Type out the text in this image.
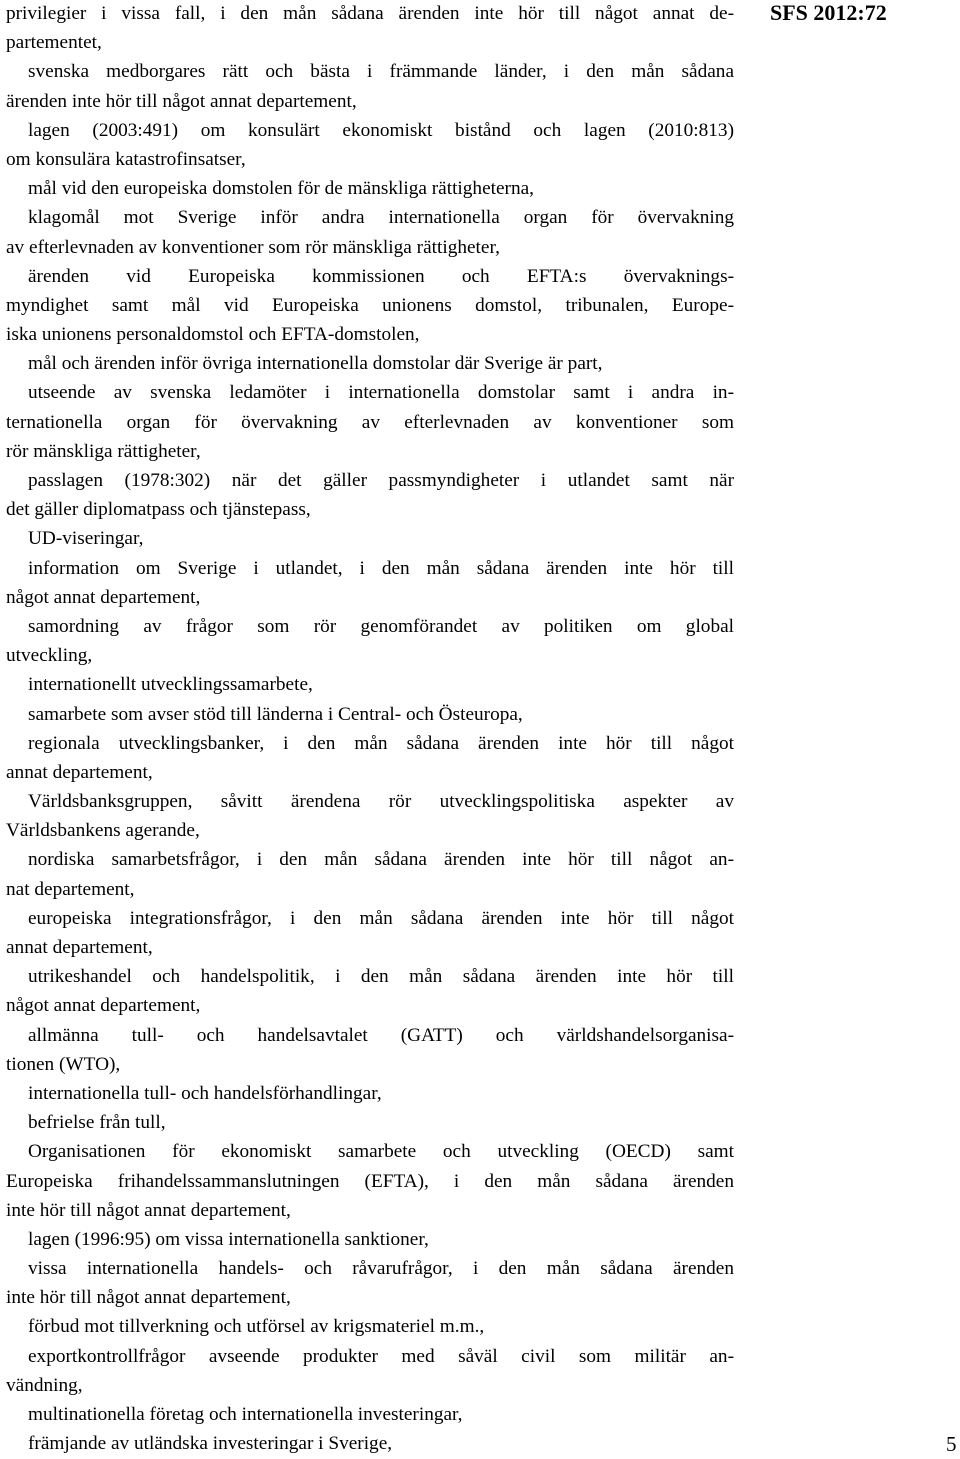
SFS 2012:72
privilegier i vissa fall, i den mån sådana ärenden inte hör till något annat de-
partementet,
svenska medborgares rätt och bästa i främmande länder, i den mån sådana
ärenden inte hör till något annat departement,
lagen (2003:491) om konsulärt ekonomiskt bistånd och lagen (2010:813)
om konsulära katastrofinsatser,
mål vid den europeiska domstolen för de mänskliga rättigheterna,
klagomål mot Sverige inför andra internationella organ för övervakning
av efterlevnaden av konventioner som rör mänskliga rättigheter,
ärenden vid Europeiska kommissionen och EFTA:s övervaknings-
myndighet samt mål vid Europeiska unionens domstol, tribunalen, Europe-
iska unionens personaldomstol och EFTA-domstolen,
mål och ärenden inför övriga internationella domstolar där Sverige är part,
utseende av svenska ledamöter i internationella domstolar samt i andra in-
ternationella organ för övervakning av efterlevnaden av konventioner som
rör mänskliga rättigheter,
passlagen (1978:302) när det gäller passmyndigheter i utlandet samt när
det gäller diplomatpass och tjänstepass,
UD-viseringar,
information om Sverige i utlandet, i den mån sådana ärenden inte hör till
något annat departement,
samordning av frågor som rör genomförandet av politiken om global
utveckling,
internationellt utvecklingssamarbete,
samarbete som avser stöd till länderna i Central- och Östeuropa,
regionala utvecklingsbanker, i den mån sådana ärenden inte hör till något
annat departement,
Världsbanksgruppen, såvitt ärendena rör utvecklingspolitiska aspekter av
Världsbankens agerande,
nordiska samarbetsfrågor, i den mån sådana ärenden inte hör till något an-
nat departement,
europeiska integrationsfrågor, i den mån sådana ärenden inte hör till något
annat departement,
utrikeshandel och handelspolitik, i den mån sådana ärenden inte hör till
något annat departement,
allmänna tull- och handelsavtalet (GATT) och världshandelsorganisa-
tionen (WTO),
internationella tull- och handelsförhandlingar,
befrielse från tull,
Organisationen för ekonomiskt samarbete och utveckling (OECD) samt
Europeiska frihandelssammanslutningen (EFTA), i den mån sådana ärenden
inte hör till något annat departement,
lagen (1996:95) om vissa internationella sanktioner,
vissa internationella handels- och råvarufrågor, i den mån sådana ärenden
inte hör till något annat departement,
förbud mot tillverkning och utförsel av krigsmateriel m.m.,
exportkontrollfrågor avseende produkter med såväl civil som militär an-
vändning,
multinationella företag och internationella investeringar,
främjande av utländska investeringar i Sverige,	5
